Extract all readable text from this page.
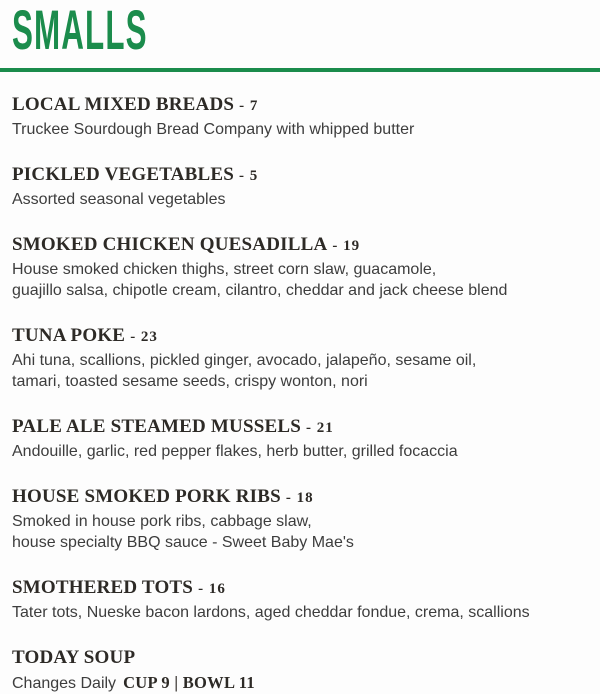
SMALLS
LOCAL MIXED BREADS - 7

Truckee Sourdough Bread Company with whipped butter

PICKLED VEGETABLES - 5

Assorted seasonal vegetables

SMOKED CHICKEN QUESADILLA - 19

House smoked chicken thighs, street corn slaw, guacamole,
guajillo salsa, chipotle cream, cilantro, cheddar and jack cheese blend

TUNA POKE - 23

Ahi tuna, scallions, pickled ginger, avocado, jalapeño, sesame oil,
tamari, toasted sesame seeds, crispy wonton, nori

PALE ALE STEAMED MUSSELS - 21

Andouille, garlic, red pepper flakes, herb butter, grilled focaccia

HOUSE SMOKED PORK RIBS - 18

Smoked in house pork ribs, cabbage slaw,
house specialty BBQ sauce - Sweet Baby Mae's

SMOTHERED TOTS - 16

Tater tots, Nueske bacon lardons, aged cheddar fondue, crema, scallions

TODAY SOUP

Changes Daily CUP 9 | BOWL 11
